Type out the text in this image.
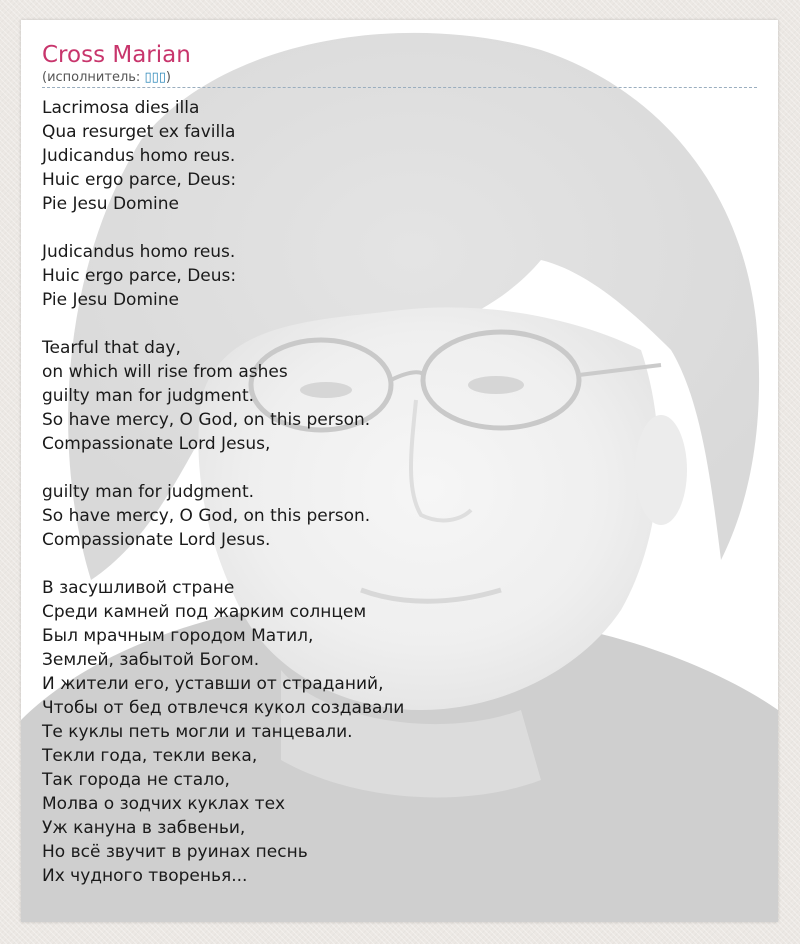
Cross Marian
(исполнитель: ▯▯▯)
Lacrimosa dies illa
Qua resurget ex favilla
Judicandus homo reus.
Huic ergo parce, Deus:
Pie Jesu Domine
Judicandus homo reus.
Huic ergo parce, Deus:
Pie Jesu Domine
Tearful that day,
on which will rise from ashes
guilty man for judgment.
So have mercy, O God, on this person.
Compassionate Lord Jesus,
guilty man for judgment.
So have mercy, O God, on this person.
Compassionate Lord Jesus.
В засушливой стране
Среди камней под жарким солнцем
Был мрачным городом Матил,
Землей, забытой Богом.
И жители его, уставши от страданий,
Чтобы от бед отвлечся кукол создавали
Те куклы петь могли и танцевали.
Текли года, текли века,
Так города не стало,
Молва о зодчих куклах тех
Уж кануна в забвеньи,
Но всё звучит в руинах песнь
Их чудного творенья...
